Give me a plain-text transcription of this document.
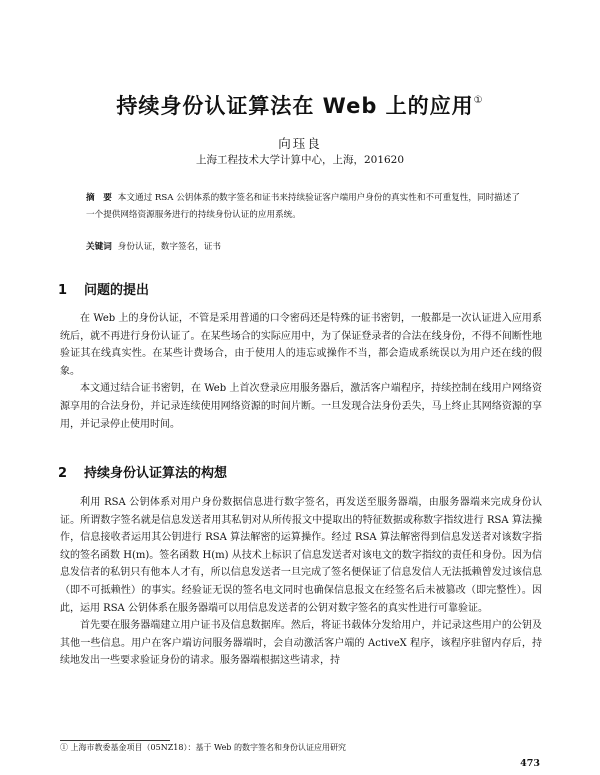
持续身份认证算法在 Web 上的应用①
向珏良
上海工程技术大学计算中心，上海，201620
摘　要 本文通过 RSA 公钥体系的数字签名和证书来持续验证客户端用户身份的真实性和不可重复性，同时描述了一个提供网络资源服务进行的持续身份认证的应用系统。
关键词 身份认证，数字签名，证书
1 问题的提出

在 Web 上的身份认证，不管是采用普通的口令密码还是特殊的证书密钥，一般都是一次认证进入应用系统后，就不再进行身份认证了。在某些场合的实际应用中，为了保证登录者的合法在线身份，不得不间断性地验证其在线真实性。在某些计费场合，由于使用人的违忘或操作不当，都会造成系统误以为用户还在线的假象。

本文通过结合证书密钥，在 Web 上首次登录应用服务器后，激活客户端程序，持续控制在线用户网络资源享用的合法身份，并记录连续使用网络资源的时间片断。一旦发现合法身份丢失，马上终止其网络资源的享用，并记录停止使用时间。

2 持续身份认证算法的构想

利用 RSA 公钥体系对用户身份数据信息进行数字签名，再发送至服务器端，由服务器端来完成身份认证。所谓数字签名就是信息发送者用其私钥对从所传报文中提取出的特征数据或称数字指纹进行 RSA 算法操作，信息接收者运用其公钥进行 RSA 算法解密的运算操作。经过 RSA 算法解密得到信息发送者对该数字指纹的签名函数 H(m)。签名函数 H(m) 从技术上标识了信息发送者对该电文的数字指纹的责任和身份。因为信息发信者的私钥只有他本人才有，所以信息发送者一旦完成了签名便保证了信息发信人无法抵赖曾发过该信息（即不可抵赖性）的事实。经验证无误的签名电文同时也确保信息报文在经签名后未被篡改（即完整性）。因此，运用 RSA 公钥体系在服务器端可以用信息发送者的公钥对数字签名的真实性进行可靠验证。

首先要在服务器端建立用户证书及信息数据库。然后，将证书载体分发给用户，并记录这些用户的公钥及其他一些信息。用户在客户端访问服务器端时，会自动激活客户端的 ActiveX 程序，该程序驻留内存后，持续地发出一些要求验证身份的请求。服务器端根据这些请求，持

① 上海市教委基金项目（05NZ18）：基于 Web 的数字签名和身份认证应用研究
473
